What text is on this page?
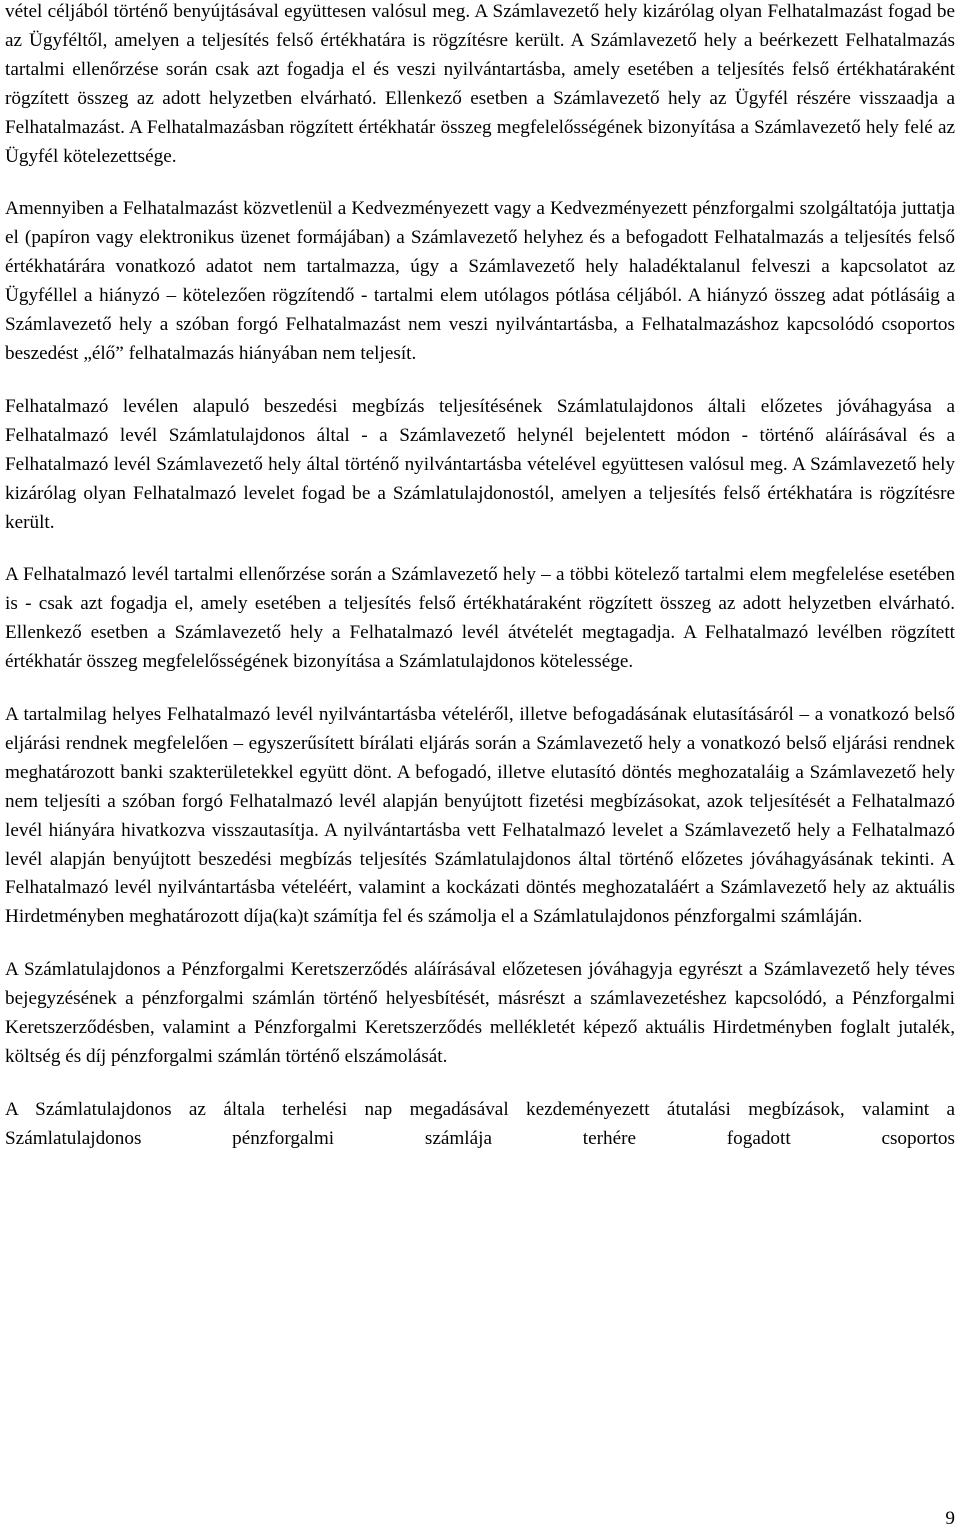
vétel céljából történő benyújtásával együttesen valósul meg. A Számlavezető hely kizárólag olyan Felhatalmazást fogad be az Ügyféltől, amelyen a teljesítés felső értékhatára is rögzítésre került. A Számlavezető hely a beérkezett Felhatalmazás tartalmi ellenőrzése során csak azt fogadja el és veszi nyilvántartásba, amely esetében a teljesítés felső értékhatáraként rögzített összeg az adott helyzetben elvárható. Ellenkező esetben a Számlavezető hely az Ügyfél részére visszaadja a Felhatalmazást. A Felhatalmazásban rögzített értékhatár összeg megfelelősségének bizonyítása a Számlavezető hely felé az Ügyfél kötelezettsége.

Amennyiben a Felhatalmazást közvetlenül a Kedvezményezett vagy a Kedvezményezett pénzforgalmi szolgáltatója juttatja el (papíron vagy elektronikus üzenet formájában) a Számlavezető helyhez és a befogadott Felhatalmazás a teljesítés felső értékhatárára vonatkozó adatot nem tartalmazza, úgy a Számlavezető hely haladéktalanul felveszi a kapcsolatot az Ügyféllel a hiányzó – kötelezően rögzítendő - tartalmi elem utólagos pótlása céljából. A hiányzó összeg adat pótlásáig a Számlavezető hely a szóban forgó Felhatalmazást nem veszi nyilvántartásba, a Felhatalmazáshoz kapcsolódó csoportos beszedést „élő” felhatalmazás hiányában nem teljesít.

Felhatalmazó levélen alapuló beszedési megbízás teljesítésének Számlatulajdonos általi előzetes jóváhagyása a Felhatalmazó levél Számlatulajdonos által - a Számlavezető helynél bejelentett módon - történő aláírásával és a Felhatalmazó levél Számlavezető hely által történő nyilvántartásba vételével együttesen valósul meg. A Számlavezető hely kizárólag olyan Felhatalmazó levelet fogad be a Számlatulajdonostól, amelyen a teljesítés felső értékhatára is rögzítésre került.

A Felhatalmazó levél tartalmi ellenőrzése során a Számlavezető hely – a többi kötelező tartalmi elem megfelelése esetében is - csak azt fogadja el, amely esetében a teljesítés felső értékhatáraként rögzített összeg az adott helyzetben elvárható. Ellenkező esetben a Számlavezető hely a Felhatalmazó levél átvételét megtagadja. A Felhatalmazó levélben rögzített értékhatár összeg megfelelősségének bizonyítása a Számlatulajdonos kötelessége.

A tartalmilag helyes Felhatalmazó levél nyilvántartásba vételéről, illetve befogadásának elutasításáról – a vonatkozó belső eljárási rendnek megfelelően – egyszerűsített bírálati eljárás során a Számlavezető hely a vonatkozó belső eljárási rendnek meghatározott banki szakterületekkel együtt dönt. A befogadó, illetve elutasító döntés meghozataláig a Számlavezető hely nem teljesíti a szóban forgó Felhatalmazó levél alapján benyújtott fizetési megbízásokat, azok teljesítését a Felhatalmazó levél hiányára hivatkozva visszautasítja. A nyilvántartásba vett Felhatalmazó levelet a Számlavezető hely a Felhatalmazó levél alapján benyújtott beszedési megbízás teljesítés Számlatulajdonos által történő előzetes jóváhagyásának tekinti. A Felhatalmazó levél nyilvántartásba vételéért, valamint a kockázati döntés meghozataláért a Számlavezető hely az aktuális Hirdetményben meghatározott díja(ka)t számítja fel és számolja el a Számlatulajdonos pénzforgalmi számláján.

A Számlatulajdonos a Pénzforgalmi Keretszerződés aláírásával előzetesen jóváhagyja egyrészt a Számlavezető hely téves bejegyzésének a pénzforgalmi számlán történő helyesbítését, másrészt a számlavezetéshez kapcsolódó, a Pénzforgalmi Keretszerződésben, valamint a Pénzforgalmi Keretszerződés mellékletét képező aktuális Hirdetményben foglalt jutalék, költség és díj pénzforgalmi számlán történő elszámolását.

A Számlatulajdonos az általa terhelési nap megadásával kezdeményezett átutalási megbízások, valamint a Számlatulajdonos pénzforgalmi számlája terhére fogadott csoportos

9
